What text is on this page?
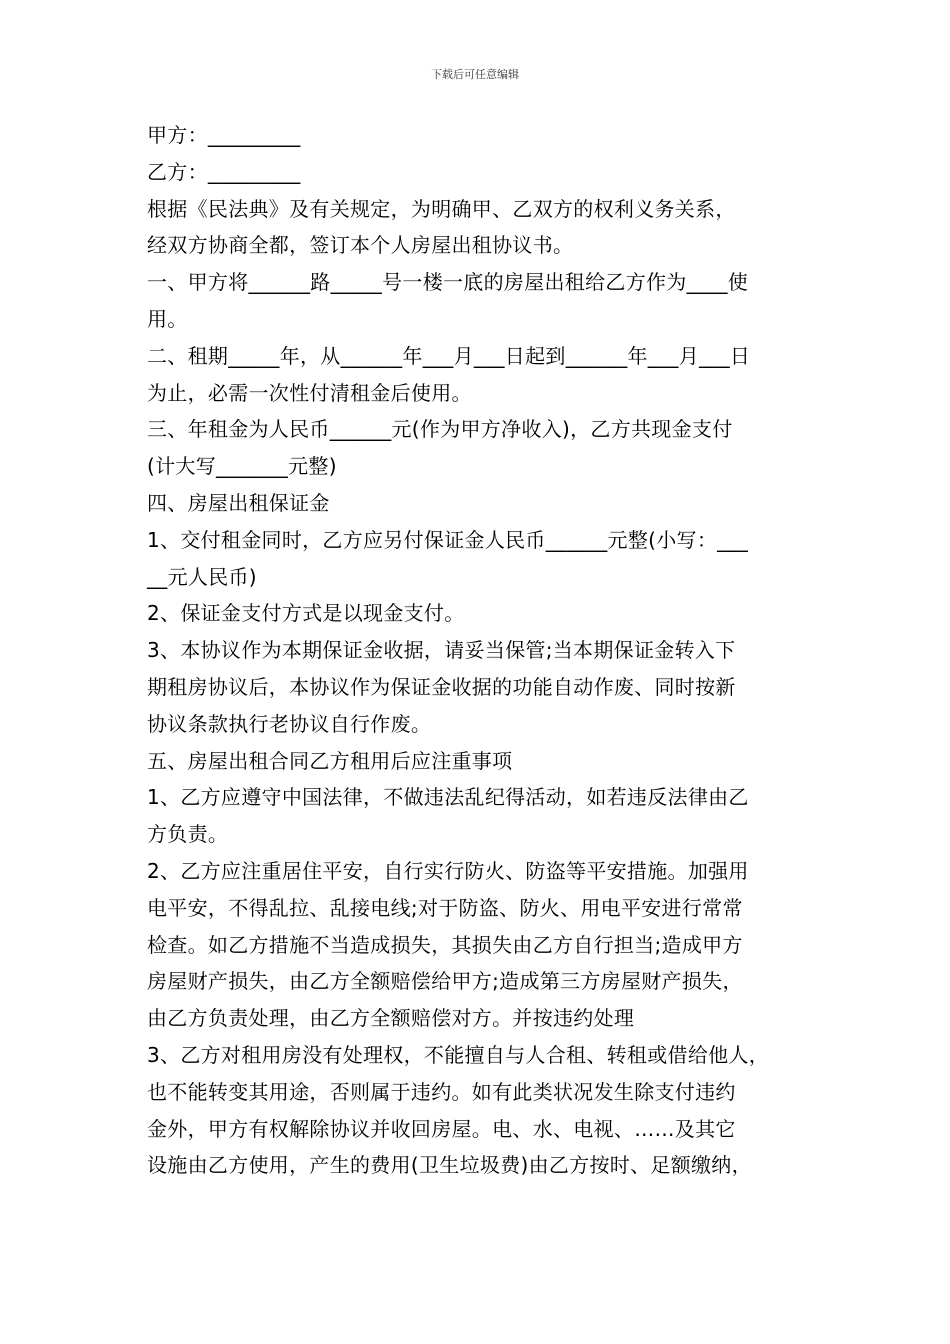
下载后可任意编辑
甲方：_________
乙方：_________
根据《民法典》及有关规定，为明确甲、乙双方的权利义务关系，
经双方协商全都，签订本个人房屋出租协议书。
一、甲方将______路_____号一楼一底的房屋出租给乙方作为____使
用。
二、租期_____年，从______年___月___日起到______年___月___日
为止，必需一次性付清租金后使用。
三、年租金为人民币______元(作为甲方净收入)，乙方共现金支付
(计大写_______元整)
四、房屋出租保证金
1、交付租金同时，乙方应另付保证金人民币______元整(小写：___
__元人民币)
2、保证金支付方式是以现金支付。
3、本协议作为本期保证金收据，请妥当保管;当本期保证金转入下
期租房协议后，本协议作为保证金收据的功能自动作废、同时按新
协议条款执行老协议自行作废。
五、房屋出租合同乙方租用后应注重事项
1、乙方应遵守中国法律，不做违法乱纪得活动，如若违反法律由乙
方负责。
2、乙方应注重居住平安，自行实行防火、防盗等平安措施。加强用
电平安，不得乱拉、乱接电线;对于防盗、防火、用电平安进行常常
检查。如乙方措施不当造成损失，其损失由乙方自行担当;造成甲方
房屋财产损失，由乙方全额赔偿给甲方;造成第三方房屋财产损失，
由乙方负责处理，由乙方全额赔偿对方。并按违约处理
3、乙方对租用房没有处理权，不能擅自与人合租、转租或借给他人，
也不能转变其用途，否则属于违约。如有此类状况发生除支付违约
金外，甲方有权解除协议并收回房屋。电、水、电视、……及其它
设施由乙方使用，产生的费用(卫生垃圾费)由乙方按时、足额缴纳，
